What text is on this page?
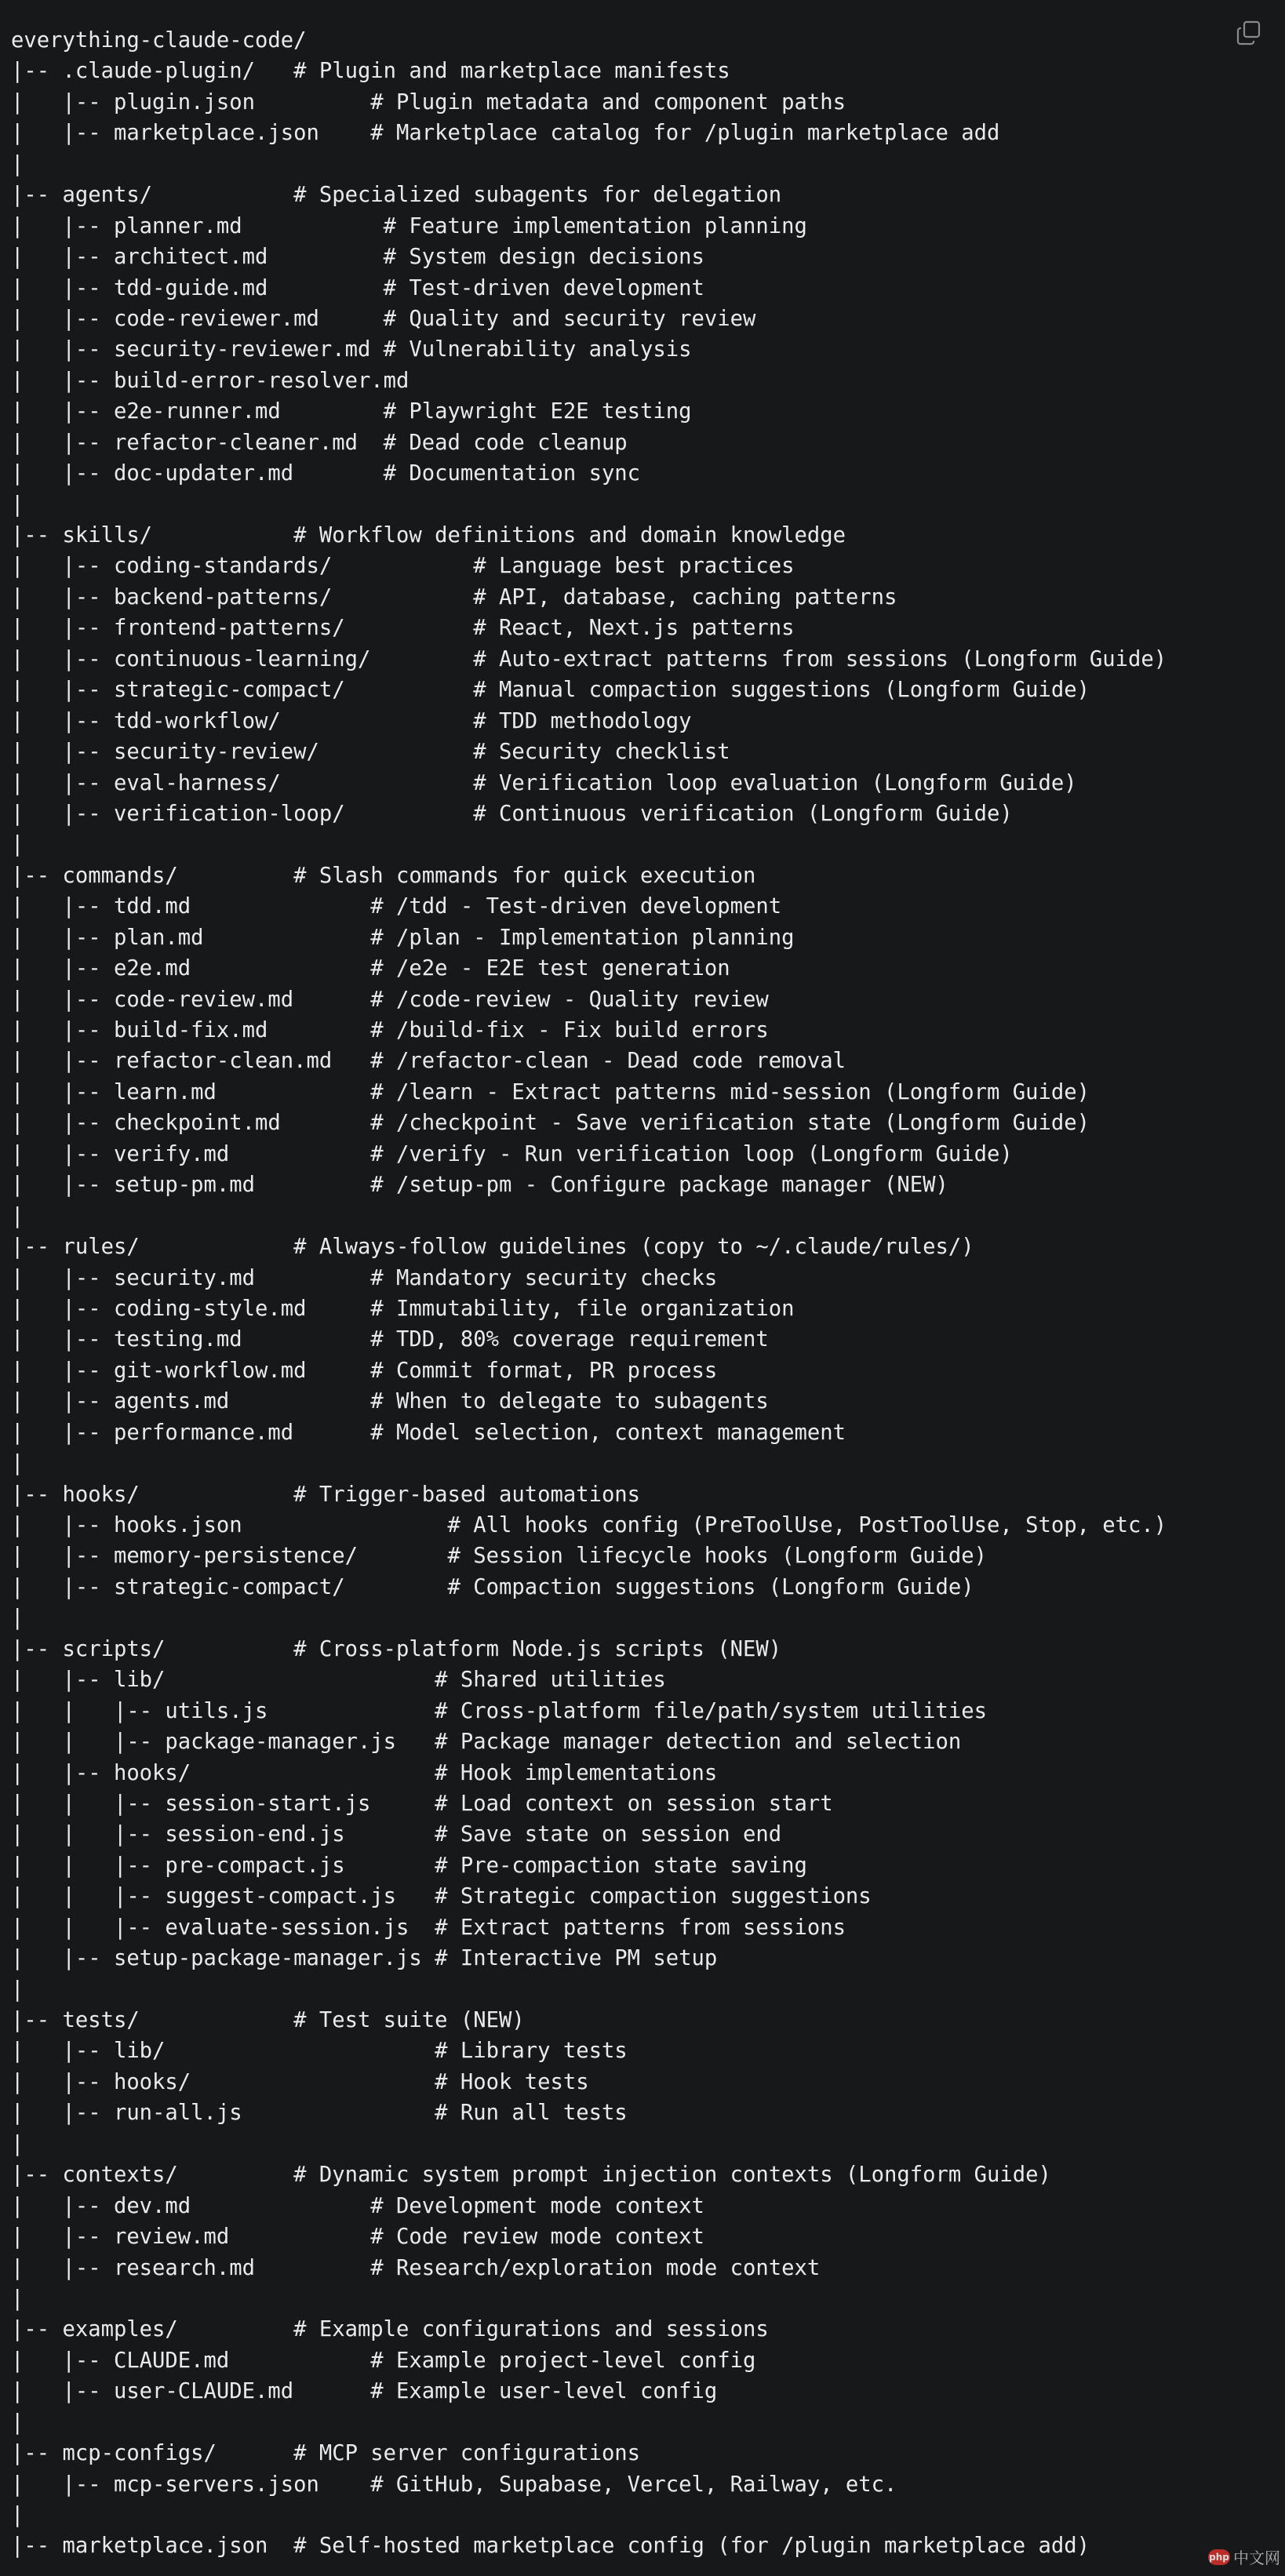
everything-claude-code/
|-- .claude-plugin/   # Plugin and marketplace manifests
|   |-- plugin.json         # Plugin metadata and component paths
|   |-- marketplace.json    # Marketplace catalog for /plugin marketplace add
|
|-- agents/           # Specialized subagents for delegation
|   |-- planner.md           # Feature implementation planning
|   |-- architect.md         # System design decisions
|   |-- tdd-guide.md         # Test-driven development
|   |-- code-reviewer.md     # Quality and security review
|   |-- security-reviewer.md # Vulnerability analysis
|   |-- build-error-resolver.md
|   |-- e2e-runner.md        # Playwright E2E testing
|   |-- refactor-cleaner.md  # Dead code cleanup
|   |-- doc-updater.md       # Documentation sync
|
|-- skills/           # Workflow definitions and domain knowledge
|   |-- coding-standards/           # Language best practices
|   |-- backend-patterns/           # API, database, caching patterns
|   |-- frontend-patterns/          # React, Next.js patterns
|   |-- continuous-learning/        # Auto-extract patterns from sessions (Longform Guide)
|   |-- strategic-compact/          # Manual compaction suggestions (Longform Guide)
|   |-- tdd-workflow/               # TDD methodology
|   |-- security-review/            # Security checklist
|   |-- eval-harness/               # Verification loop evaluation (Longform Guide)
|   |-- verification-loop/          # Continuous verification (Longform Guide)
|
|-- commands/         # Slash commands for quick execution
|   |-- tdd.md              # /tdd - Test-driven development
|   |-- plan.md             # /plan - Implementation planning
|   |-- e2e.md              # /e2e - E2E test generation
|   |-- code-review.md      # /code-review - Quality review
|   |-- build-fix.md        # /build-fix - Fix build errors
|   |-- refactor-clean.md   # /refactor-clean - Dead code removal
|   |-- learn.md            # /learn - Extract patterns mid-session (Longform Guide)
|   |-- checkpoint.md       # /checkpoint - Save verification state (Longform Guide)
|   |-- verify.md           # /verify - Run verification loop (Longform Guide)
|   |-- setup-pm.md         # /setup-pm - Configure package manager (NEW)
|
|-- rules/            # Always-follow guidelines (copy to ~/.claude/rules/)
|   |-- security.md         # Mandatory security checks
|   |-- coding-style.md     # Immutability, file organization
|   |-- testing.md          # TDD, 80% coverage requirement
|   |-- git-workflow.md     # Commit format, PR process
|   |-- agents.md           # When to delegate to subagents
|   |-- performance.md      # Model selection, context management
|
|-- hooks/            # Trigger-based automations
|   |-- hooks.json                # All hooks config (PreToolUse, PostToolUse, Stop, etc.)
|   |-- memory-persistence/       # Session lifecycle hooks (Longform Guide)
|   |-- strategic-compact/        # Compaction suggestions (Longform Guide)
|
|-- scripts/          # Cross-platform Node.js scripts (NEW)
|   |-- lib/                     # Shared utilities
|   |   |-- utils.js             # Cross-platform file/path/system utilities
|   |   |-- package-manager.js   # Package manager detection and selection
|   |-- hooks/                   # Hook implementations
|   |   |-- session-start.js     # Load context on session start
|   |   |-- session-end.js       # Save state on session end
|   |   |-- pre-compact.js       # Pre-compaction state saving
|   |   |-- suggest-compact.js   # Strategic compaction suggestions
|   |   |-- evaluate-session.js  # Extract patterns from sessions
|   |-- setup-package-manager.js # Interactive PM setup
|
|-- tests/            # Test suite (NEW)
|   |-- lib/                     # Library tests
|   |-- hooks/                   # Hook tests
|   |-- run-all.js               # Run all tests
|
|-- contexts/         # Dynamic system prompt injection contexts (Longform Guide)
|   |-- dev.md              # Development mode context
|   |-- review.md           # Code review mode context
|   |-- research.md         # Research/exploration mode context
|
|-- examples/         # Example configurations and sessions
|   |-- CLAUDE.md           # Example project-level config
|   |-- user-CLAUDE.md      # Example user-level config
|
|-- mcp-configs/      # MCP server configurations
|   |-- mcp-servers.json    # GitHub, Supabase, Vercel, Railway, etc.
|
|-- marketplace.json  # Self-hosted marketplace config (for /plugin marketplace add)	php 中文网
